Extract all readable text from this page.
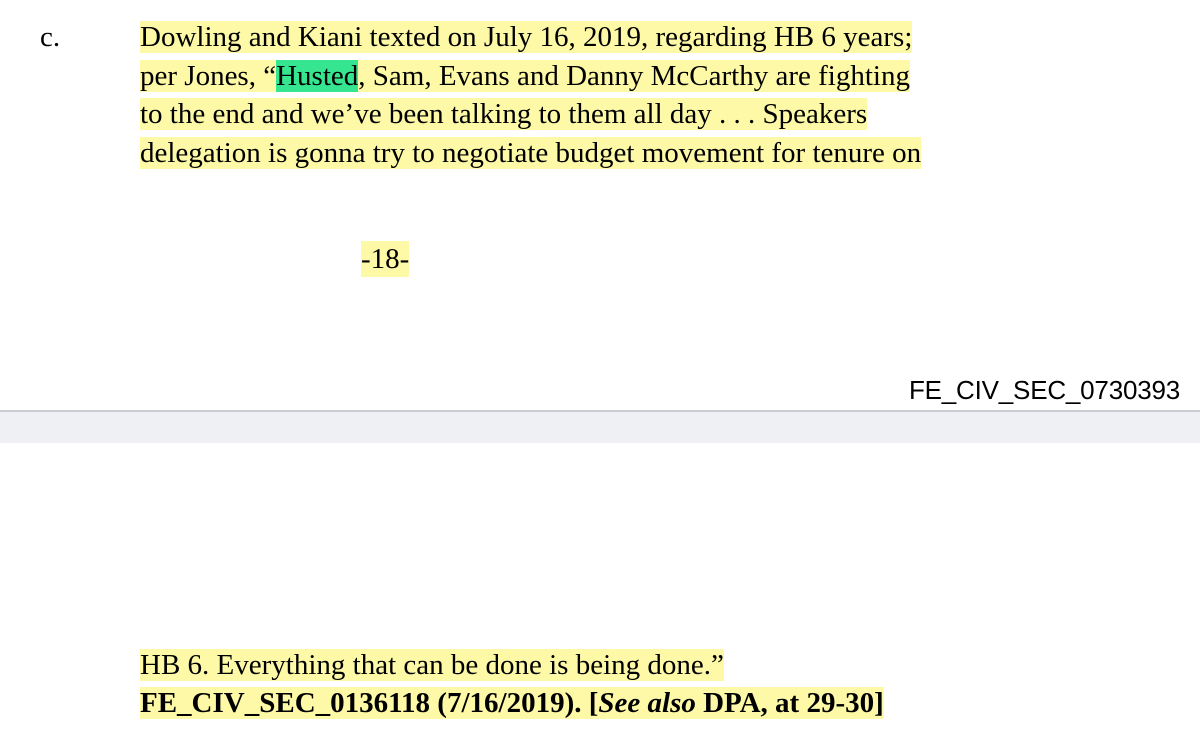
c.	Dowling and Kiani texted on July 16, 2019, regarding HB 6 years;
per Jones, “Husted, Sam, Evans and Danny McCarthy are fighting
to the end and we’ve been talking to them all day . . . Speakers
delegation is gonna try to negotiate budget movement for tenure on
-18-
FE_CIV_SEC_0730393
HB 6. Everything that can be done is being done.”
FE_CIV_SEC_0136118 (7/16/2019). [See also DPA, at 29-30]
